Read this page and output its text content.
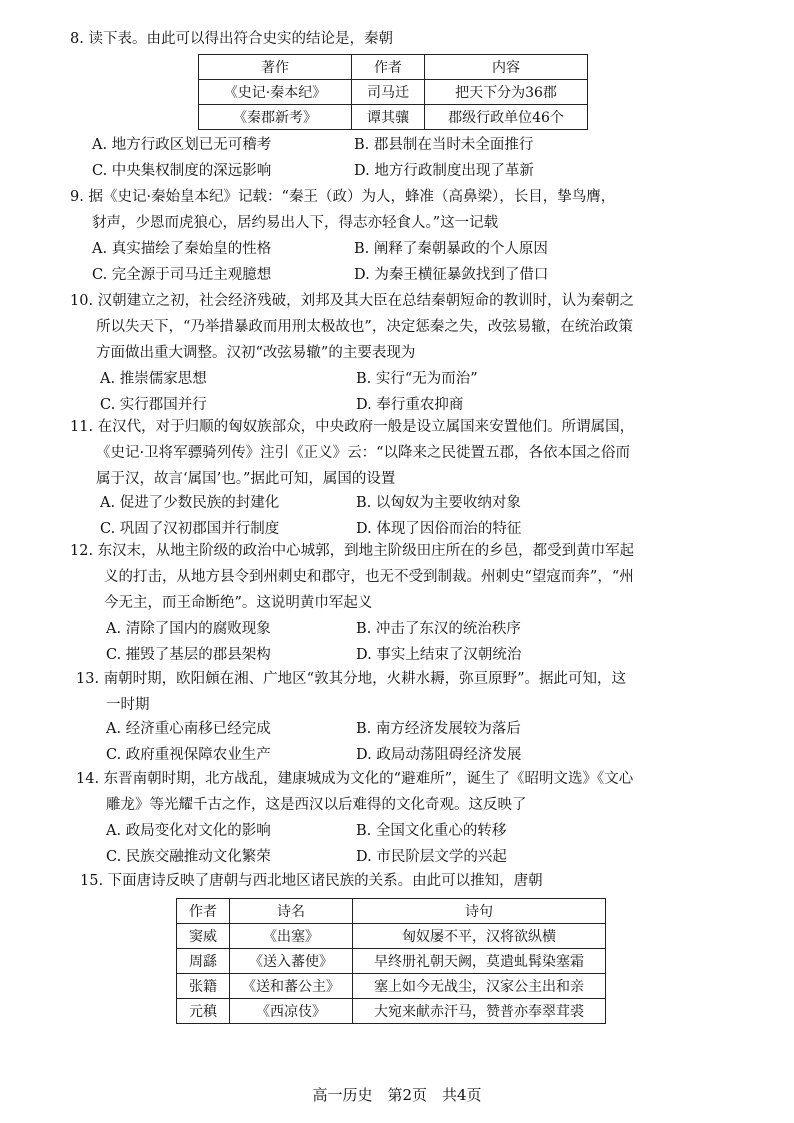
8. 读下表。由此可以得出符合史实的结论是，秦朝
著作	作者	内容
《史记·秦本纪》	司马迁	把天下分为36郡
《秦郡新考》	谭其骧	郡级行政单位46个
A. 地方行政区划已无可稽考	B. 郡县制在当时未全面推行
C. 中央集权制度的深远影响	D. 地方行政制度出现了革新
9. 据《史记·秦始皇本纪》记载：“秦王（政）为人，蜂准（高鼻梁），长目，挚鸟膺，
豺声，少恩而虎狼心，居约易出人下，得志亦轻食人。”这一记载
A. 真实描绘了秦始皇的性格	B. 阐释了秦朝暴政的个人原因
C. 完全源于司马迁主观臆想	D. 为秦王横征暴敛找到了借口
10. 汉朝建立之初，社会经济残破，刘邦及其大臣在总结秦朝短命的教训时，认为秦朝之
所以失天下，“乃举措暴政而用刑太极故也”，决定惩秦之失，改弦易辙，在统治政策
方面做出重大调整。汉初“改弦易辙”的主要表现为
A. 推崇儒家思想	B. 实行“无为而治”
C. 实行郡国并行	D. 奉行重农抑商
11. 在汉代，对于归顺的匈奴族部众，中央政府一般是设立属国来安置他们。所谓属国，
《史记·卫将军骠骑列传》注引《正义》云：“以降来之民徙置五郡，各依本国之俗而
属于汉，故言‘属国’也。”据此可知，属国的设置
A. 促进了少数民族的封建化	B. 以匈奴为主要收纳对象
C. 巩固了汉初郡国并行制度	D. 体现了因俗而治的特征
12. 东汉末，从地主阶级的政治中心城郭，到地主阶级田庄所在的乡邑，都受到黄巾军起
义的打击，从地方县令到州刺史和郡守，也无不受到制裁。州刺史“望寇而奔”，“州
今无主，而王命断绝”。这说明黄巾军起义
A. 清除了国内的腐败现象	B. 冲击了东汉的统治秩序
C. 摧毁了基层的郡县架构	D. 事实上结束了汉朝统治
13. 南朝时期，欧阳頠在湘、广地区“敦其分地，火耕水耨，弥亘原野”。据此可知，这
一时期
A. 经济重心南移已经完成	B. 南方经济发展较为落后
C. 政府重视保障农业生产	D. 政局动荡阻碍经济发展
14. 东晋南朝时期，北方战乱，建康城成为文化的“避难所”，诞生了《昭明文选》《文心
雕龙》等光耀千古之作，这是西汉以后难得的文化奇观。这反映了
A. 政局变化对文化的影响	B. 全国文化重心的转移
C. 民族交融推动文化繁荣	D. 市民阶层文学的兴起
15. 下面唐诗反映了唐朝与西北地区诸民族的关系。由此可以推知，唐朝
作者	诗名	诗句
窦威	《出塞》	匈奴屡不平，汉将欲纵横
周繇	《送入蕃使》	早终册礼朝天阙，莫遣虬髯染塞霜
张籍	《送和蕃公主》	塞上如今无战尘，汉家公主出和亲
元稹	《西凉伎》	大宛来献赤汗马，赞普亦奉翠茸裘
高一历史　第2页　共4页
